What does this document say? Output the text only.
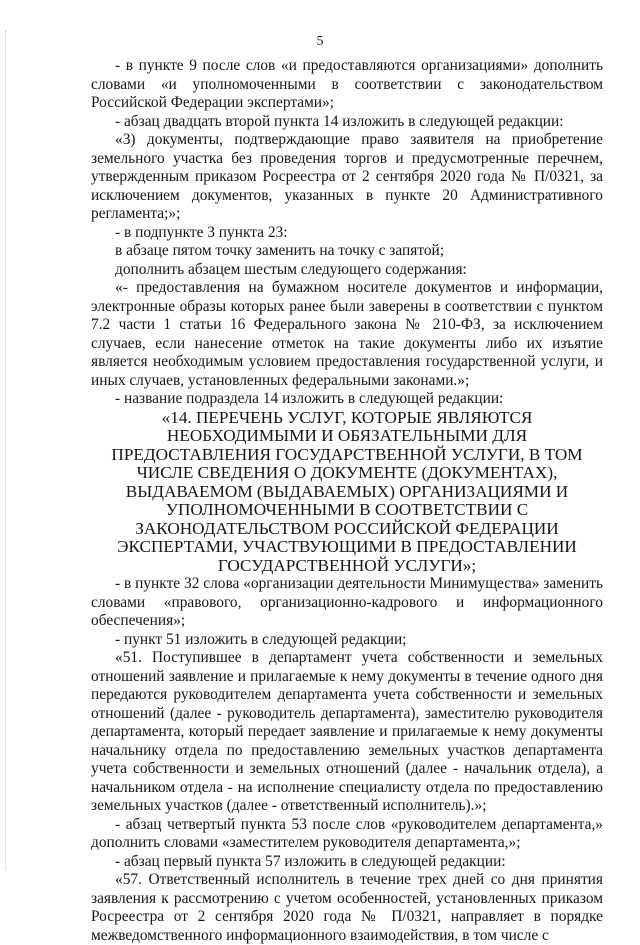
5

- в пункте 9 после слов «и предоставляются организациями» дополнить словами «и уполномоченными в соответствии с законодательством Российской Федерации экспертами»;

- абзац двадцать второй пункта 14 изложить в следующей редакции:

«3) документы, подтверждающие право заявителя на приобретение земельного участка без проведения торгов и предусмотренные перечнем, утвержденным приказом Росреестра от 2 сентября 2020 года № П/0321, за исключением документов, указанных в пункте 20 Административного регламента;»;

- в подпункте 3 пункта 23:

в абзаце пятом точку заменить на точку с запятой;

дополнить абзацем шестым следующего содержания:

«- предоставления на бумажном носителе документов и информации, электронные образы которых ранее были заверены в соответствии с пунктом 7.2 части 1 статьи 16 Федерального закона № 210-ФЗ, за исключением случаев, если нанесение отметок на такие документы либо их изъятие является необходимым условием предоставления государственной услуги, и иных случаев, установленных федеральными законами.»;

- название подраздела 14 изложить в следующей редакции:

«14. ПЕРЕЧЕНЬ УСЛУГ, КОТОРЫЕ ЯВЛЯЮТСЯ НЕОБХОДИМЫМИ И ОБЯЗАТЕЛЬНЫМИ ДЛЯ ПРЕДОСТАВЛЕНИЯ ГОСУДАРСТВЕННОЙ УСЛУГИ, В ТОМ ЧИСЛЕ СВЕДЕНИЯ О ДОКУМЕНТЕ (ДОКУМЕНТАХ), ВЫДАВАЕМОМ (ВЫДАВАЕМЫХ) ОРГАНИЗАЦИЯМИ И УПОЛНОМОЧЕННЫМИ В СООТВЕТСТВИИ С ЗАКОНОДАТЕЛЬСТВОМ РОССИЙСКОЙ ФЕДЕРАЦИИ ЭКСПЕРТАМИ, УЧАСТВУЮЩИМИ В ПРЕДОСТАВЛЕНИИ ГОСУДАРСТВЕННОЙ УСЛУГИ»;

- в пункте 32 слова «организации деятельности Минимущества» заменить словами «правового, организационно-кадрового и информационного обеспечения»;

- пункт 51 изложить в следующей редакции;

«51. Поступившее в департамент учета собственности и земельных отношений заявление и прилагаемые к нему документы в течение одного дня передаются руководителем департамента учета собственности и земельных отношений (далее - руководитель департамента), заместителю руководителя департамента, который передает заявление и прилагаемые к нему документы начальнику отдела по предоставлению земельных участков департамента учета собственности и земельных отношений (далее - начальник отдела), а начальником отдела - на исполнение специалисту отдела по предоставлению земельных участков (далее - ответственный исполнитель).»;

- абзац четвертый пункта 53 после слов «руководителем департамента,» дополнить словами «заместителем руководителя департамента,»;

- абзац первый пункта 57 изложить в следующей редакции:

«57. Ответственный исполнитель в течение трех дней со дня принятия заявления к рассмотрению с учетом особенностей, установленных приказом Росреестра от 2 сентября 2020 года № П/0321, направляет в порядке межведомственного информационного взаимодействия, в том числе с
